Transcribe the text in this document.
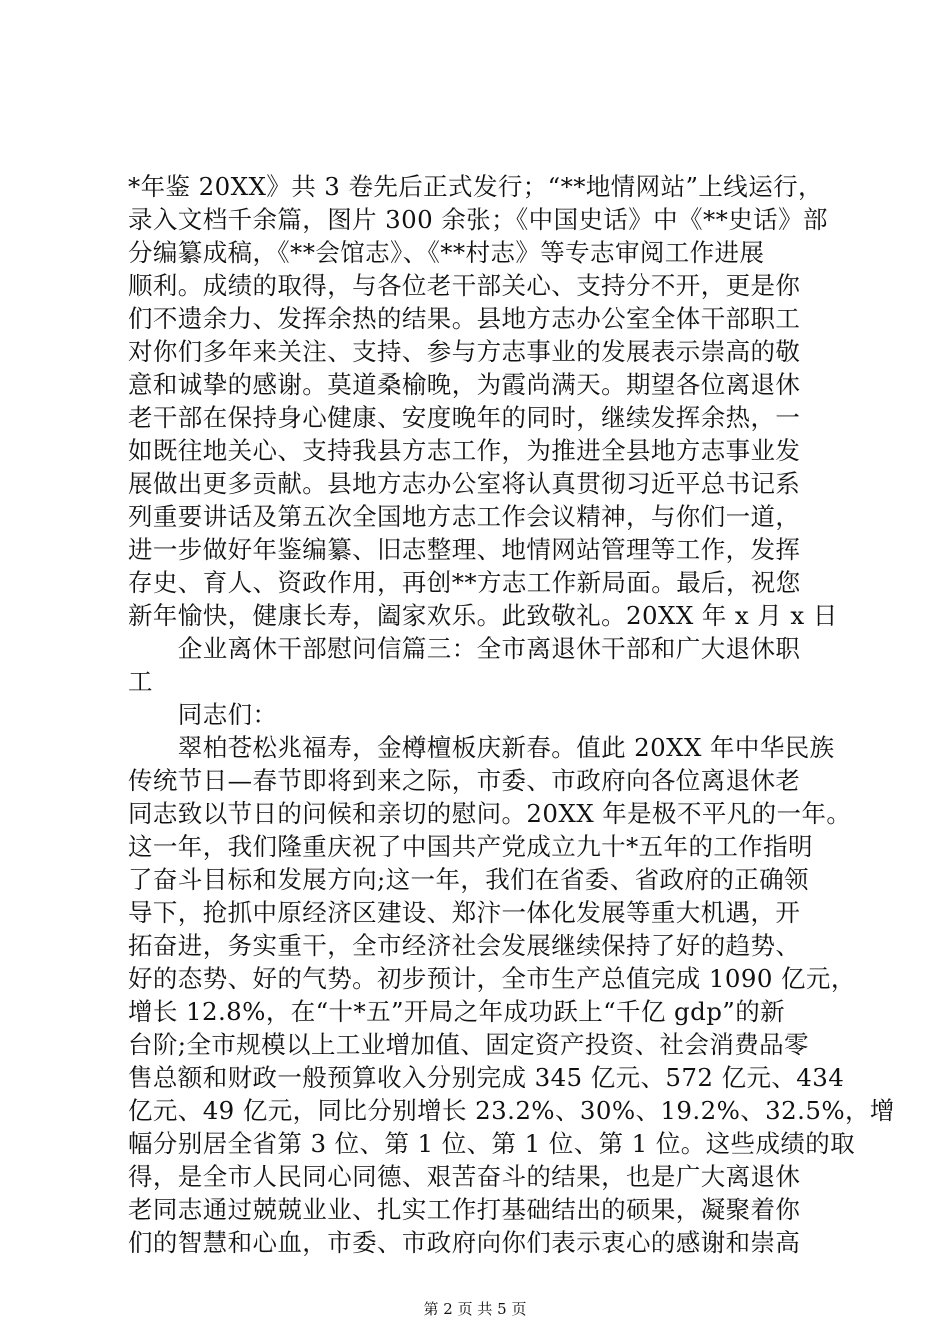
*年鉴 20XX》共 3 卷先后正式发行；“**地情网站”上线运行，
录入文档千余篇，图片 300 余张；《中国史话》中《**史话》部
分编纂成稿，《**会馆志》、《**村志》等专志审阅工作进展
顺利。成绩的取得，与各位老干部关心、支持分不开，更是你
们不遗余力、发挥余热的结果。县地方志办公室全体干部职工
对你们多年来关注、支持、参与方志事业的发展表示崇高的敬
意和诚挚的感谢。莫道桑榆晚，为霞尚满天。期望各位离退休
老干部在保持身心健康、安度晚年的同时，继续发挥余热，一
如既往地关心、支持我县方志工作，为推进全县地方志事业发
展做出更多贡献。县地方志办公室将认真贯彻习近平总书记系
列重要讲话及第五次全国地方志工作会议精神，与你们一道，
进一步做好年鉴编纂、旧志整理、地情网站管理等工作，发挥
存史、育人、资政作用，再创**方志工作新局面。最后，祝您
新年愉快，健康长寿，阖家欢乐。此致敬礼。20XX 年 x 月 x 日
　　企业离休干部慰问信篇三：全市离退休干部和广大退休职
工
　　同志们：
　　翠柏苍松兆福寿，金樽檀板庆新春。值此 20XX 年中华民族
传统节日—春节即将到来之际，市委、市政府向各位离退休老
同志致以节日的问候和亲切的慰问。20XX 年是极不平凡的一年。
这一年，我们隆重庆祝了中国共产党成立九十*五年的工作指明
了奋斗目标和发展方向;这一年，我们在省委、省政府的正确领
导下，抢抓中原经济区建设、郑汴一体化发展等重大机遇，开
拓奋进，务实重干，全市经济社会发展继续保持了好的趋势、
好的态势、好的气势。初步预计，全市生产总值完成 1090 亿元，
增长 12.8%，在“十*五”开局之年成功跃上“千亿 gdp”的新
台阶;全市规模以上工业增加值、固定资产投资、社会消费品零
售总额和财政一般预算收入分别完成 345 亿元、572 亿元、434
亿元、49 亿元，同比分别增长 23.2%、30%、19.2%、32.5%，增
幅分别居全省第 3 位、第 1 位、第 1 位、第 1 位。这些成绩的取
得，是全市人民同心同德、艰苦奋斗的结果，也是广大离退休
老同志通过兢兢业业、扎实工作打基础结出的硕果，凝聚着你
们的智慧和心血，市委、市政府向你们表示衷心的感谢和崇高
第 2 页 共 5 页
